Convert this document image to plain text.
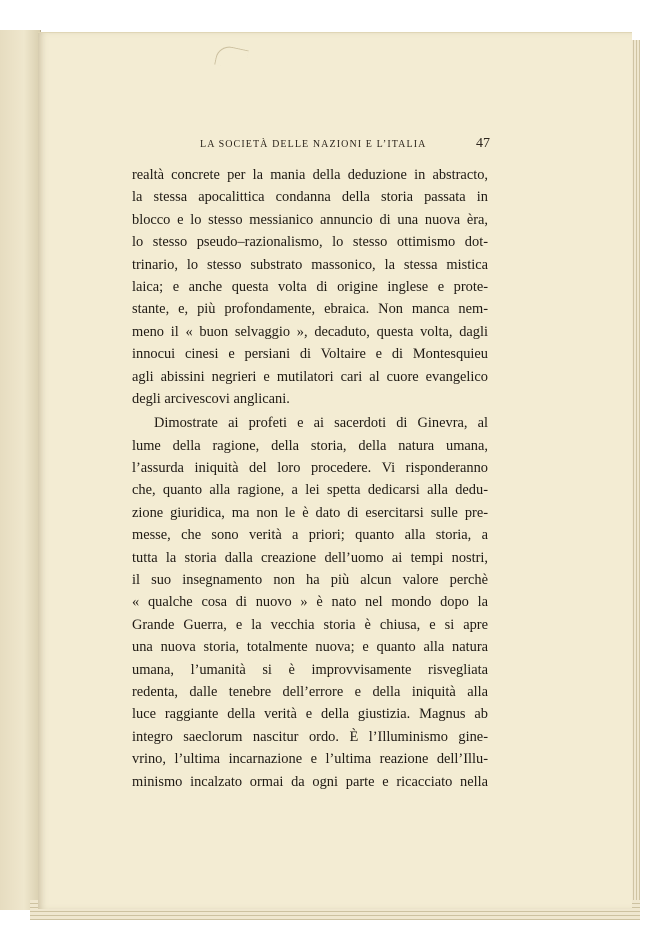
LA SOCIETÀ DELLE NAZIONI E L’ITALIA	47
realtà concrete per la mania della deduzione in abstracto,
la stessa apocalittica condanna della storia passata in
blocco e lo stesso messianico annuncio di una nuova èra,
lo stesso pseudo–razionalismo, lo stesso ottimismo dot-
trinario, lo stesso substrato massonico, la stessa mistica
laica; e anche questa volta di origine inglese e prote-
stante, e, più profondamente, ebraica. Non manca nem-
meno il « buon selvaggio », decaduto, questa volta, dagli
innocui cinesi e persiani di Voltaire e di Montesquieu
agli abissini negrieri e mutilatori cari al cuore evangelico
degli arcivescovi anglicani.
Dimostrate ai profeti e ai sacerdoti di Ginevra, al
lume della ragione, della storia, della natura umana,
l’assurda iniquità del loro procedere. Vi risponderanno
che, quanto alla ragione, a lei spetta dedicarsi alla dedu-
zione giuridica, ma non le è dato di esercitarsi sulle pre-
messe, che sono verità a priori; quanto alla storia, a
tutta la storia dalla creazione dell’uomo ai tempi nostri,
il suo insegnamento non ha più alcun valore perchè
« qualche cosa di nuovo » è nato nel mondo dopo la
Grande Guerra, e la vecchia storia è chiusa, e si apre
una nuova storia, totalmente nuova; e quanto alla natura
umana, l’umanità si è improvvisamente risvegliata
redenta, dalle tenebre dell’errore e della iniquità alla
luce raggiante della verità e della giustizia. Magnus ab
integro saeclorum nascitur ordo. È l’Illuminismo gine-
vrino, l’ultima incarnazione e l’ultima reazione dell’Illu-
minismo incalzato ormai da ogni parte e ricacciato nella
